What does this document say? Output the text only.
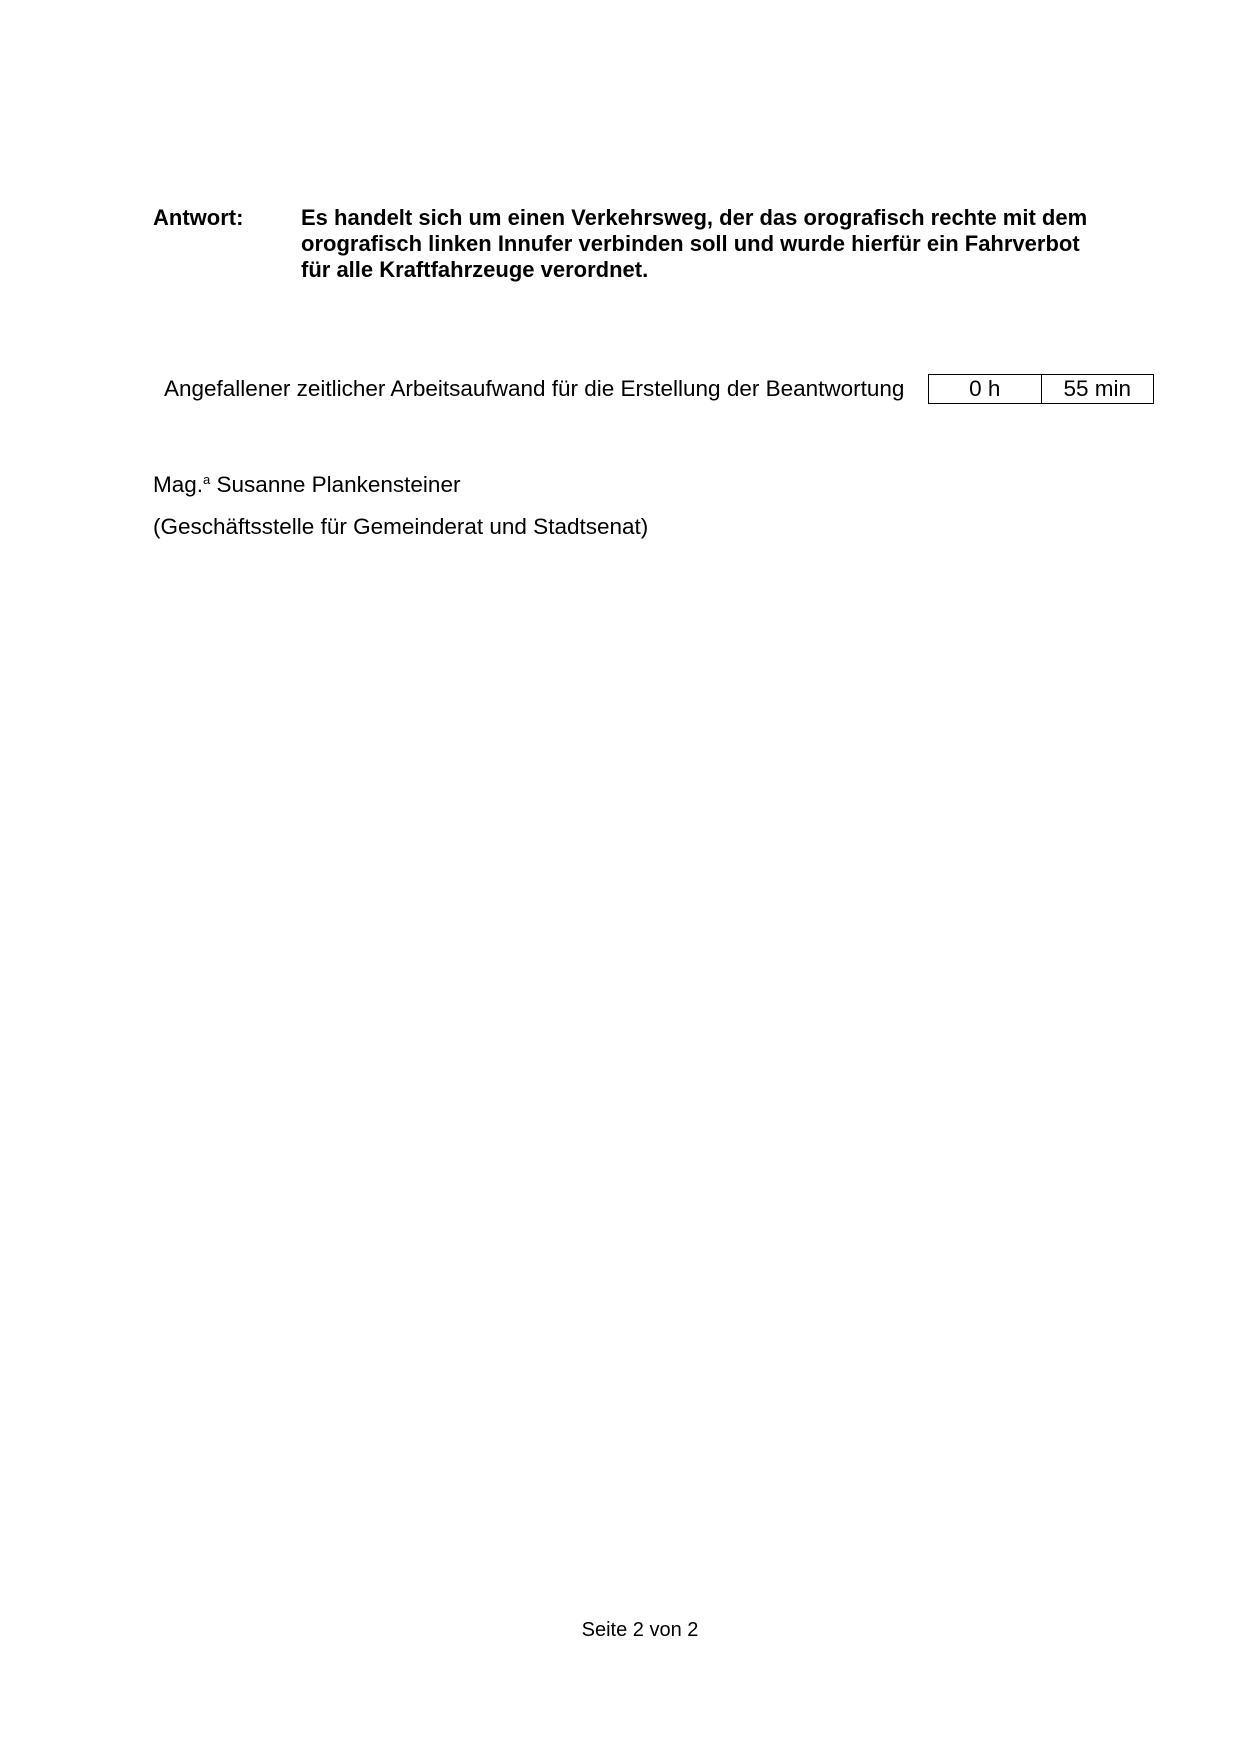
Antwort:	Es handelt sich um einen Verkehrsweg, der das orografisch rechte mit dem
orografisch linken Innufer verbinden soll und wurde hierfür ein Fahrverbot
für alle Kraftfahrzeuge verordnet.
Angefallener zeitlicher Arbeitsaufwand für die Erstellung der Beantwortung	0 h	55 min
Mag.$^a$ Susanne Plankensteiner
(Geschäftsstelle für Gemeinderat und Stadtsenat)
Seite 2 von 2
